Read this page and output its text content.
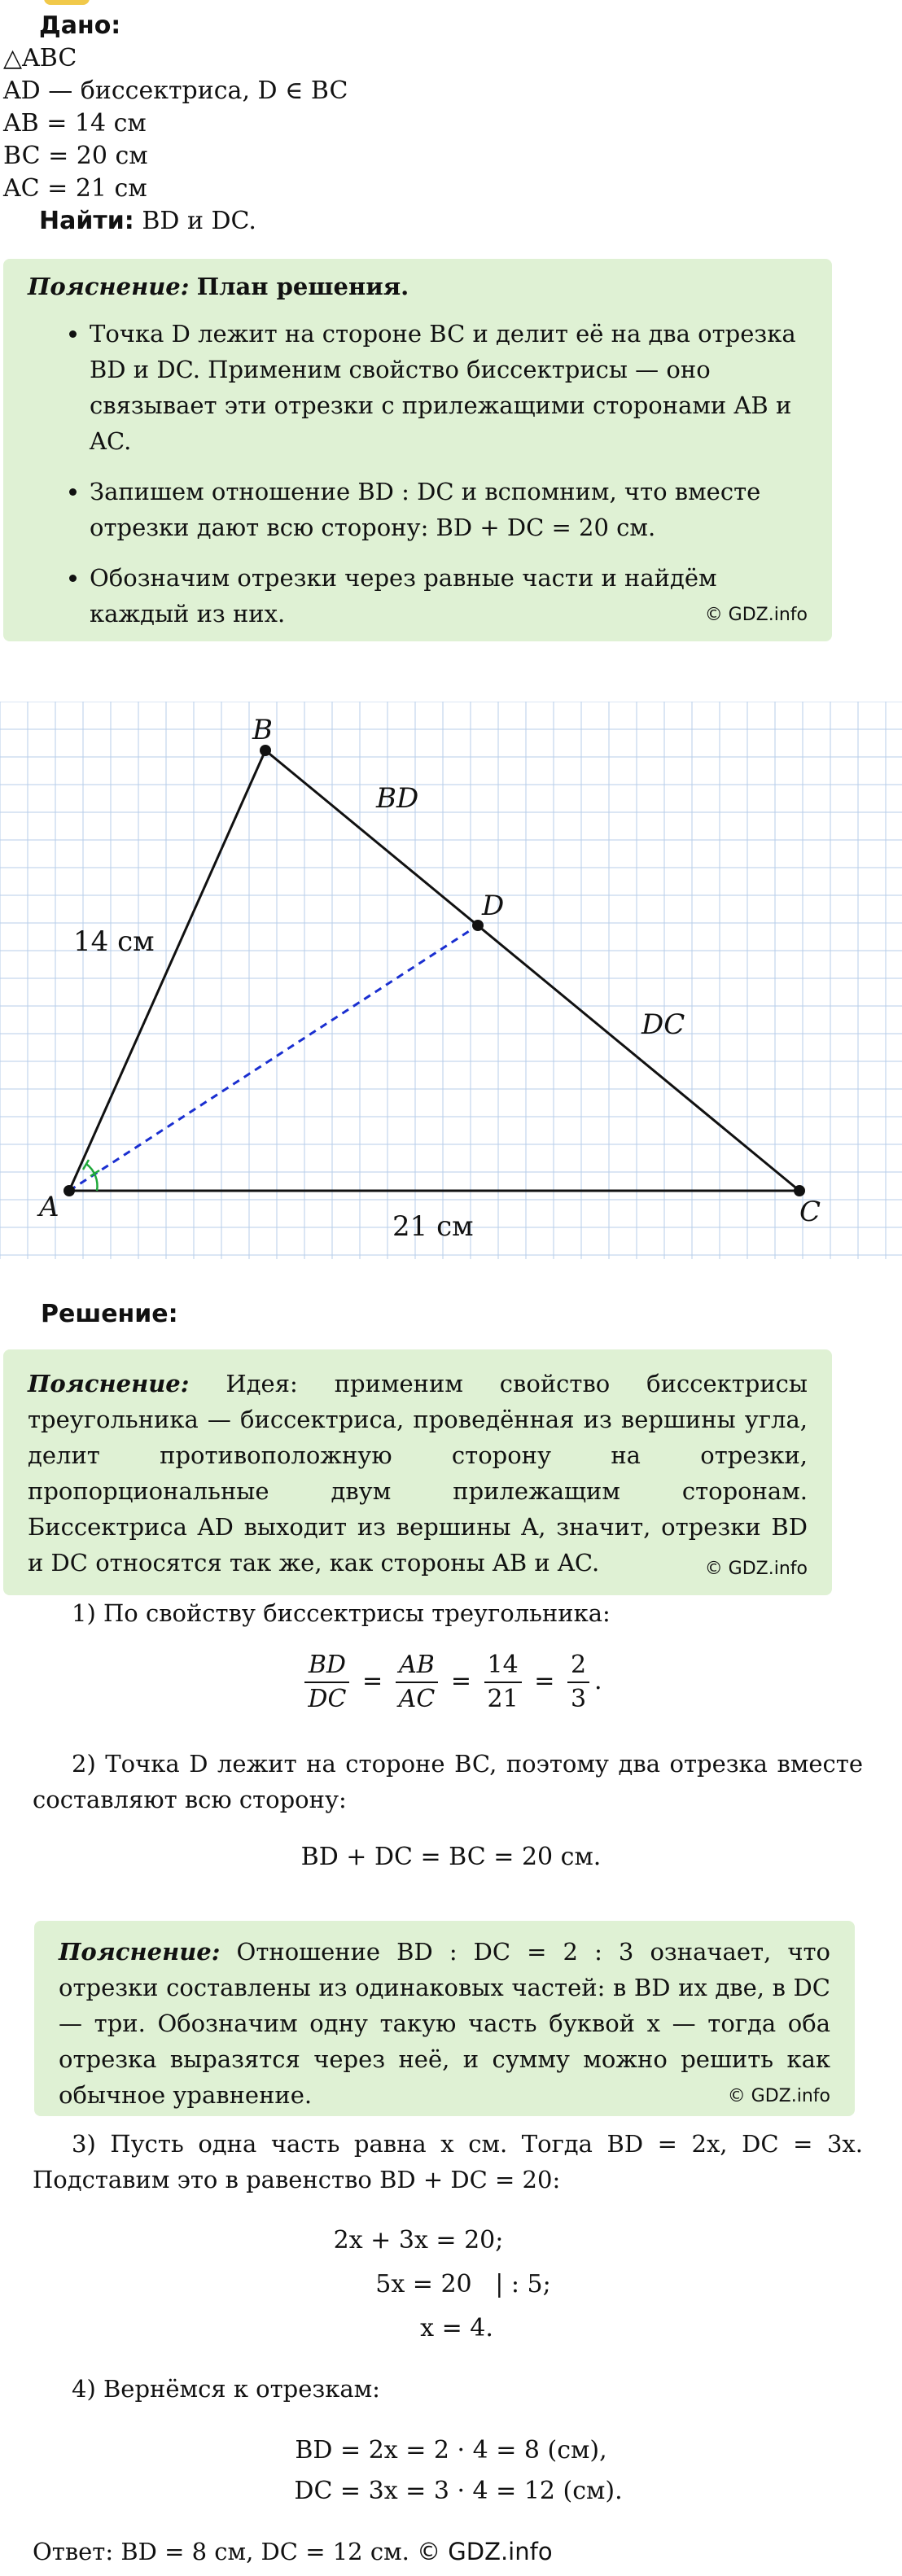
Дано:
△ABC
AD — биссектриса, D ∈ BC
AB = 14 см
BC = 20 см
AC = 21 см
Найти: BD и DC.
Пояснение: План решения.
• Точка D лежит на стороне BC и делит её на два отрезка BD и DC. Применим свойство биссектрисы — оно связывает эти отрезки с прилежащими сторонами AB и AC.
• Запишем отношение BD : DC и вспомним, что вместе отрезки дают всю сторону: BD + DC = 20 см.
• Обозначим отрезки через равные части и найдём каждый из них.	© GDZ.info
A
B
C
D
BD
DC
14 см
21 см
Решение:

Пояснение: Идея: применим свойство биссектрисы треугольника — биссектриса, проведённая из вершины угла, делит противоположную сторону на отрезки, пропорциональные двум прилежащим сторонам. Биссектриса AD выходит из вершины A, значит, отрезки BD и DC относятся так же, как стороны AB и AC.	© GDZ.info
1) По свойству биссектрисы треугольника:
$\frac{BD}{DC} = \frac{AB}{AC} = \frac{14}{21} = \frac{2}{3}$ .
2) Точка D лежит на стороне BC, поэтому два отрезка вместе составляют всю сторону:
BD + DC = BC = 20 см.

Пояснение: Отношение BD : DC = 2 : 3 означает, что отрезки составлены из одинаковых частей: в BD их две, в DC — три. Обозначим одну такую часть буквой x — тогда оба отрезка выразятся через неё, и сумму можно решить как обычное уравнение.	© GDZ.info
3) Пусть одна часть равна x см. Тогда BD = 2x, DC = 3x. Подставим это в равенство BD + DC = 20:
2x + 3x = 20;
5x = 20   | : 5;
x = 4.
4) Вернёмся к отрезкам:
BD = 2x = 2 · 4 = 8 (см),
DC = 3x = 3 · 4 = 12 (см).
Ответ: BD = 8 см, DC = 12 см. © GDZ.info
